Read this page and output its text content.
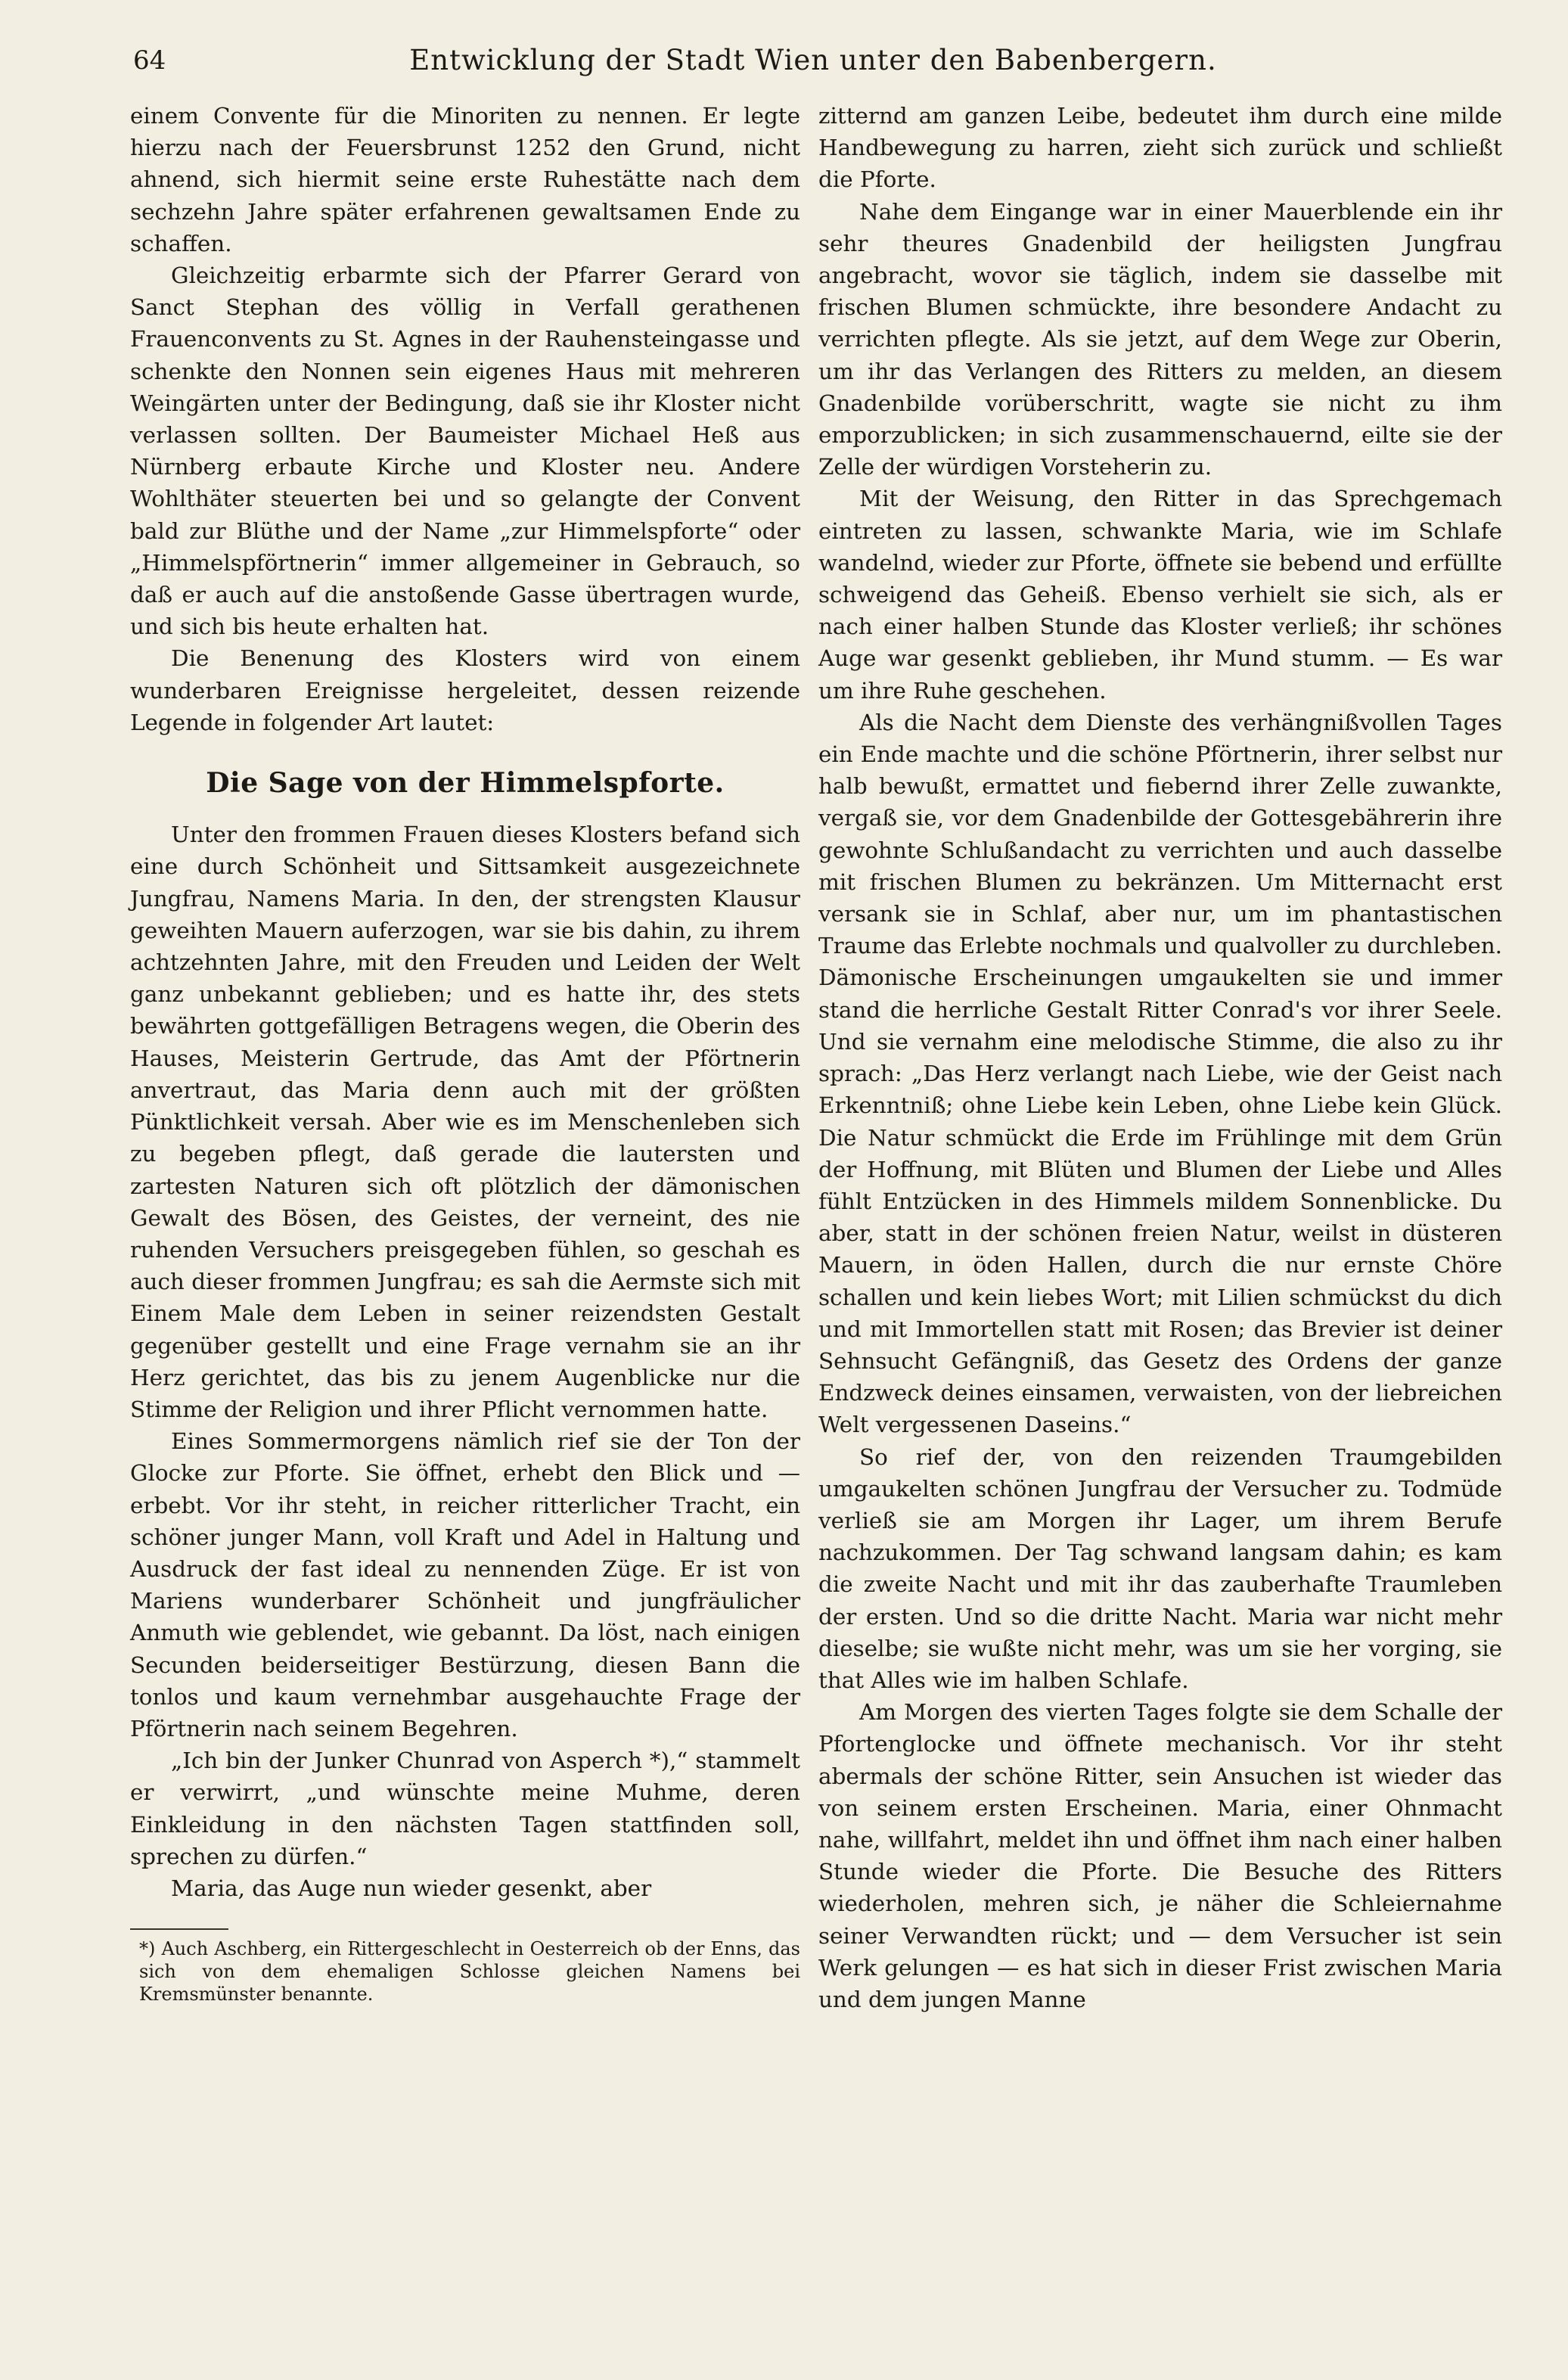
64	Entwicklung der Stadt Wien unter den Babenbergern.

einem Convente für die Minoriten zu nennen. Er legte hierzu nach der Feuersbrunst 1252 den Grund, nicht ahnend, sich hiermit seine erste Ruhestätte nach dem sechzehn Jahre später erfahrenen gewaltsamen Ende zu schaffen.

Gleichzeitig erbarmte sich der Pfarrer Gerard von Sanct Stephan des völlig in Verfall gerathenen Frauenconvents zu St. Agnes in der Rauhensteingasse und schenkte den Nonnen sein eigenes Haus mit mehreren Weingärten unter der Bedingung, daß sie ihr Kloster nicht verlassen sollten. Der Baumeister Michael Heß aus Nürnberg erbaute Kirche und Kloster neu. Andere Wohlthäter steuerten bei und so gelangte der Convent bald zur Blüthe und der Name „zur Himmelspforte“ oder „Himmelspförtnerin“ immer allgemeiner in Gebrauch, so daß er auch auf die anstoßende Gasse übertragen wurde, und sich bis heute erhalten hat.

Die Benenung des Klosters wird von einem wunderbaren Ereignisse hergeleitet, dessen reizende Legende in folgender Art lautet:

Die Sage von der Himmelspforte.

Unter den frommen Frauen dieses Klosters befand sich eine durch Schönheit und Sittsamkeit ausgezeichnete Jungfrau, Namens Maria. In den, der strengsten Klausur geweihten Mauern auferzogen, war sie bis dahin, zu ihrem achtzehnten Jahre, mit den Freuden und Leiden der Welt ganz unbekannt geblieben; und es hatte ihr, des stets bewährten gottgefälligen Betragens wegen, die Oberin des Hauses, Meisterin Gertrude, das Amt der Pförtnerin anvertraut, das Maria denn auch mit der größten Pünktlichkeit versah. Aber wie es im Menschenleben sich zu begeben pflegt, daß gerade die lautersten und zartesten Naturen sich oft plötzlich der dämonischen Gewalt des Bösen, des Geistes, der verneint, des nie ruhenden Versuchers preisgegeben fühlen, so geschah es auch dieser frommen Jungfrau; es sah die Aermste sich mit Einem Male dem Leben in seiner reizendsten Gestalt gegenüber gestellt und eine Frage vernahm sie an ihr Herz gerichtet, das bis zu jenem Augenblicke nur die Stimme der Religion und ihrer Pflicht vernommen hatte.

Eines Sommermorgens nämlich rief sie der Ton der Glocke zur Pforte. Sie öffnet, erhebt den Blick und — erbebt. Vor ihr steht, in reicher ritterlicher Tracht, ein schöner junger Mann, voll Kraft und Adel in Haltung und Ausdruck der fast ideal zu nennenden Züge. Er ist von Mariens wunderbarer Schönheit und jungfräulicher Anmuth wie geblendet, wie gebannt. Da löst, nach einigen Secunden beiderseitiger Bestürzung, diesen Bann die tonlos und kaum vernehmbar ausgehauchte Frage der Pförtnerin nach seinem Begehren.

„Ich bin der Junker Chunrad von Asperch *),“ stammelt er verwirrt, „und wünschte meine Muhme, deren Einkleidung in den nächsten Tagen stattfinden soll, sprechen zu dürfen.“

Maria, das Auge nun wieder gesenkt, aber

*) Auch Aschberg, ein Rittergeschlecht in Oesterreich ob der Enns, das sich von dem ehemaligen Schlosse gleichen Namens bei Kremsmünster benannte.

zitternd am ganzen Leibe, bedeutet ihm durch eine milde Handbewegung zu harren, zieht sich zurück und schließt die Pforte.

Nahe dem Eingange war in einer Mauerblende ein ihr sehr theures Gnadenbild der heiligsten Jungfrau angebracht, wovor sie täglich, indem sie dasselbe mit frischen Blumen schmückte, ihre besondere Andacht zu verrichten pflegte. Als sie jetzt, auf dem Wege zur Oberin, um ihr das Verlangen des Ritters zu melden, an diesem Gnadenbilde vorüberschritt, wagte sie nicht zu ihm emporzublicken; in sich zusammenschauernd, eilte sie der Zelle der würdigen Vorsteherin zu.

Mit der Weisung, den Ritter in das Sprechgemach eintreten zu lassen, schwankte Maria, wie im Schlafe wandelnd, wieder zur Pforte, öffnete sie bebend und erfüllte schweigend das Geheiß. Ebenso verhielt sie sich, als er nach einer halben Stunde das Kloster verließ; ihr schönes Auge war gesenkt geblieben, ihr Mund stumm. — Es war um ihre Ruhe geschehen.

Als die Nacht dem Dienste des verhängnißvollen Tages ein Ende machte und die schöne Pförtnerin, ihrer selbst nur halb bewußt, ermattet und fiebernd ihrer Zelle zuwankte, vergaß sie, vor dem Gnadenbilde der Gottesgebährerin ihre gewohnte Schlußandacht zu verrichten und auch dasselbe mit frischen Blumen zu bekränzen. Um Mitternacht erst versank sie in Schlaf, aber nur, um im phantastischen Traume das Erlebte nochmals und qualvoller zu durchleben. Dämonische Erscheinungen umgaukelten sie und immer stand die herrliche Gestalt Ritter Conrad's vor ihrer Seele. Und sie vernahm eine melodische Stimme, die also zu ihr sprach: „Das Herz verlangt nach Liebe, wie der Geist nach Erkenntniß; ohne Liebe kein Leben, ohne Liebe kein Glück. Die Natur schmückt die Erde im Frühlinge mit dem Grün der Hoffnung, mit Blüten und Blumen der Liebe und Alles fühlt Entzücken in des Himmels mildem Sonnenblicke. Du aber, statt in der schönen freien Natur, weilst in düsteren Mauern, in öden Hallen, durch die nur ernste Chöre schallen und kein liebes Wort; mit Lilien schmückst du dich und mit Immortellen statt mit Rosen; das Brevier ist deiner Sehnsucht Gefängniß, das Gesetz des Ordens der ganze Endzweck deines einsamen, verwaisten, von der liebreichen Welt vergessenen Daseins.“

So rief der, von den reizenden Traumgebilden umgaukelten schönen Jungfrau der Versucher zu. Todmüde verließ sie am Morgen ihr Lager, um ihrem Berufe nachzukommen. Der Tag schwand langsam dahin; es kam die zweite Nacht und mit ihr das zauberhafte Traumleben der ersten. Und so die dritte Nacht. Maria war nicht mehr dieselbe; sie wußte nicht mehr, was um sie her vorging, sie that Alles wie im halben Schlafe.

Am Morgen des vierten Tages folgte sie dem Schalle der Pfortenglocke und öffnete mechanisch. Vor ihr steht abermals der schöne Ritter, sein Ansuchen ist wieder das von seinem ersten Erscheinen. Maria, einer Ohnmacht nahe, willfahrt, meldet ihn und öffnet ihm nach einer halben Stunde wieder die Pforte. Die Besuche des Ritters wiederholen, mehren sich, je näher die Schleiernahme seiner Verwandten rückt; und — dem Versucher ist sein Werk gelungen — es hat sich in dieser Frist zwischen Maria und dem jungen Manne
